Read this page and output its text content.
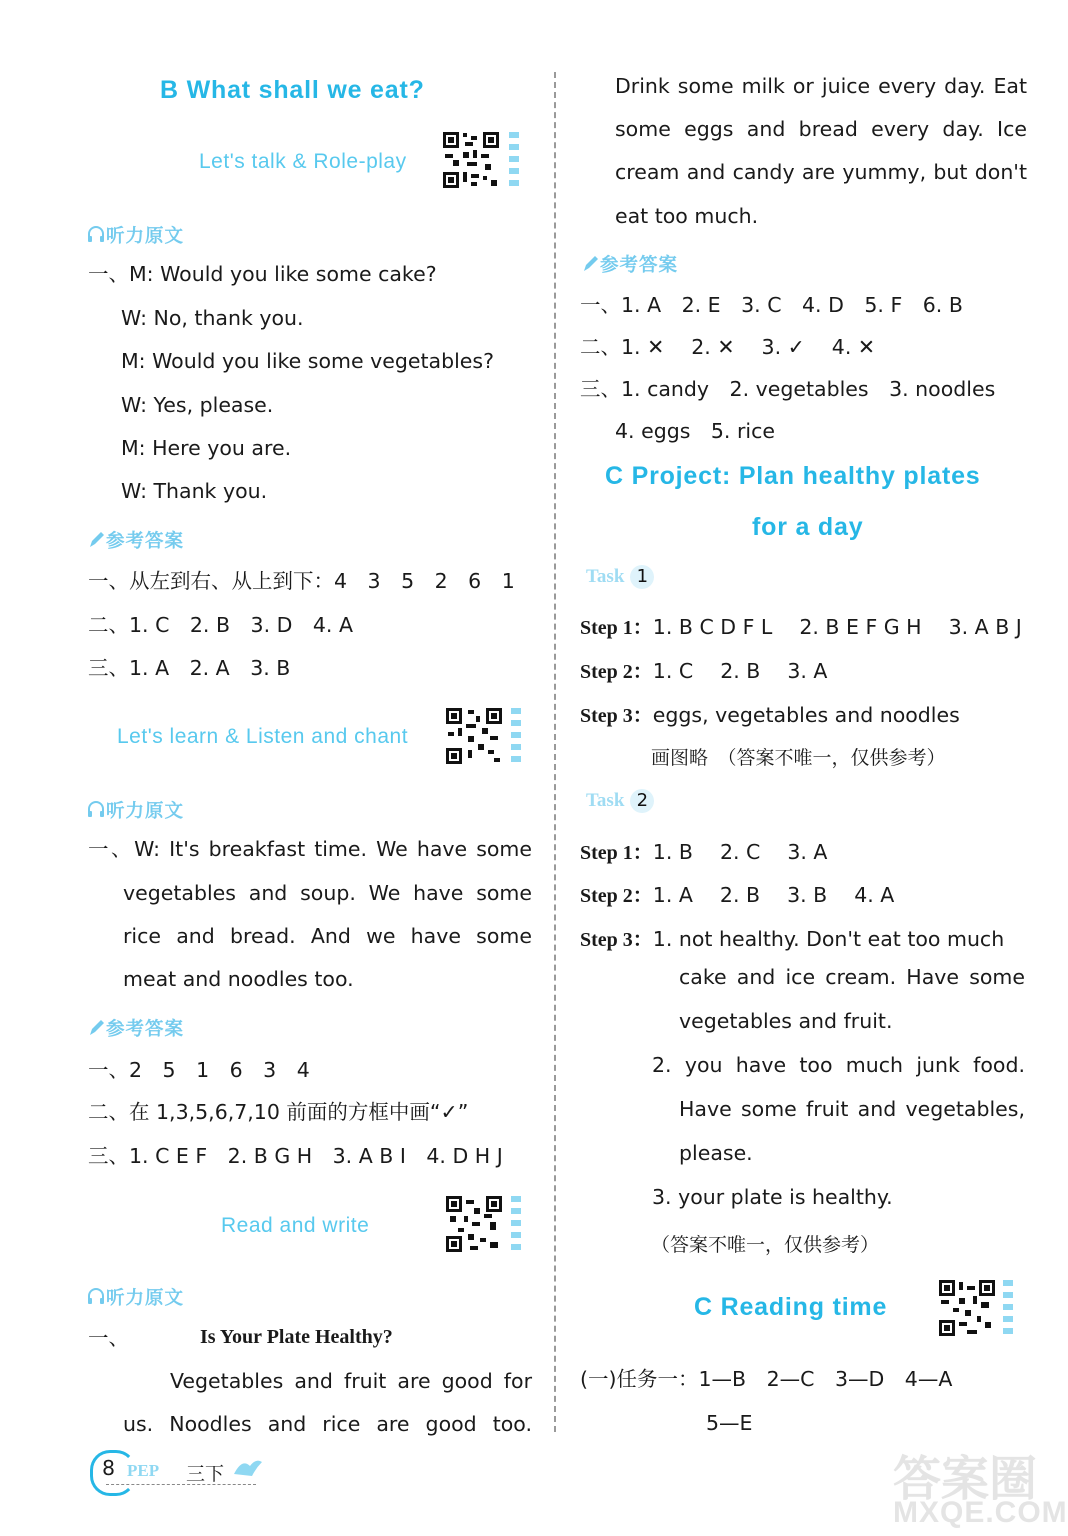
B What shall we eat?
Let's talk & Role-play
听力原文
一、M: Would you like some cake?
W: No, thank you.
M: Would you like some vegetables?
W: Yes, please.
M: Here you are.
W: Thank you.
参考答案
一、从左到右、从上到下：4　3　5　2　6　1
二、1. C　2. B　3. D　4. A
三、1. A　2. A　3. B
Let's learn & Listen and chant
听力原文
一、W: It's breakfast time. We have some
vegetables and soup. We have some
rice and bread. And we have some
meat and noodles too.
参考答案
一、2　5　1　6　3　4
二、在 1,3,5,6,7,10 前面的方框中画“✓”
三、1. C E F　2. B G H　3. A B I　4. D H J
Read and write
听力原文
一、	Is Your Plate Healthy?
Vegetables and fruit are good for
us. Noodles and rice are good too.
Drink some milk or juice every day. Eat
some eggs and bread every day. Ice
cream and candy are yummy, but don't
eat too much.
参考答案
一、1. A　2. E　3. C　4. D　5. F　6. B
二、1. ✕　 2. ✕　 3. ✓　 4. ✕
三、1. candy　2. vegetables　3. noodles
4. eggs　5. rice
C Project: Plan healthy plates
for a day
Task 1
Step 1：1. B C D F L　 2. B E F G H　 3. A B J
Step 2：1. C　 2. B　 3. A
Step 3：eggs, vegetables and noodles
画图略　（答案不唯一，仅供参考）
Task 2
Step 1：1. B　 2. C　 3. A
Step 2：1. A　 2. B　 3. B　 4. A
Step 3：1. not healthy. Don't eat too much
cake and ice cream. Have some
vegetables and fruit.
2. you have too much junk food.
Have some fruit and vegetables,
please.
3. your plate is healthy.
（答案不唯一，仅供参考）
C Reading time
(一)任务一：1—B　2—C　3—D　4—A
5—E
8 PEP 三下	答案圈
MXQE.COM
